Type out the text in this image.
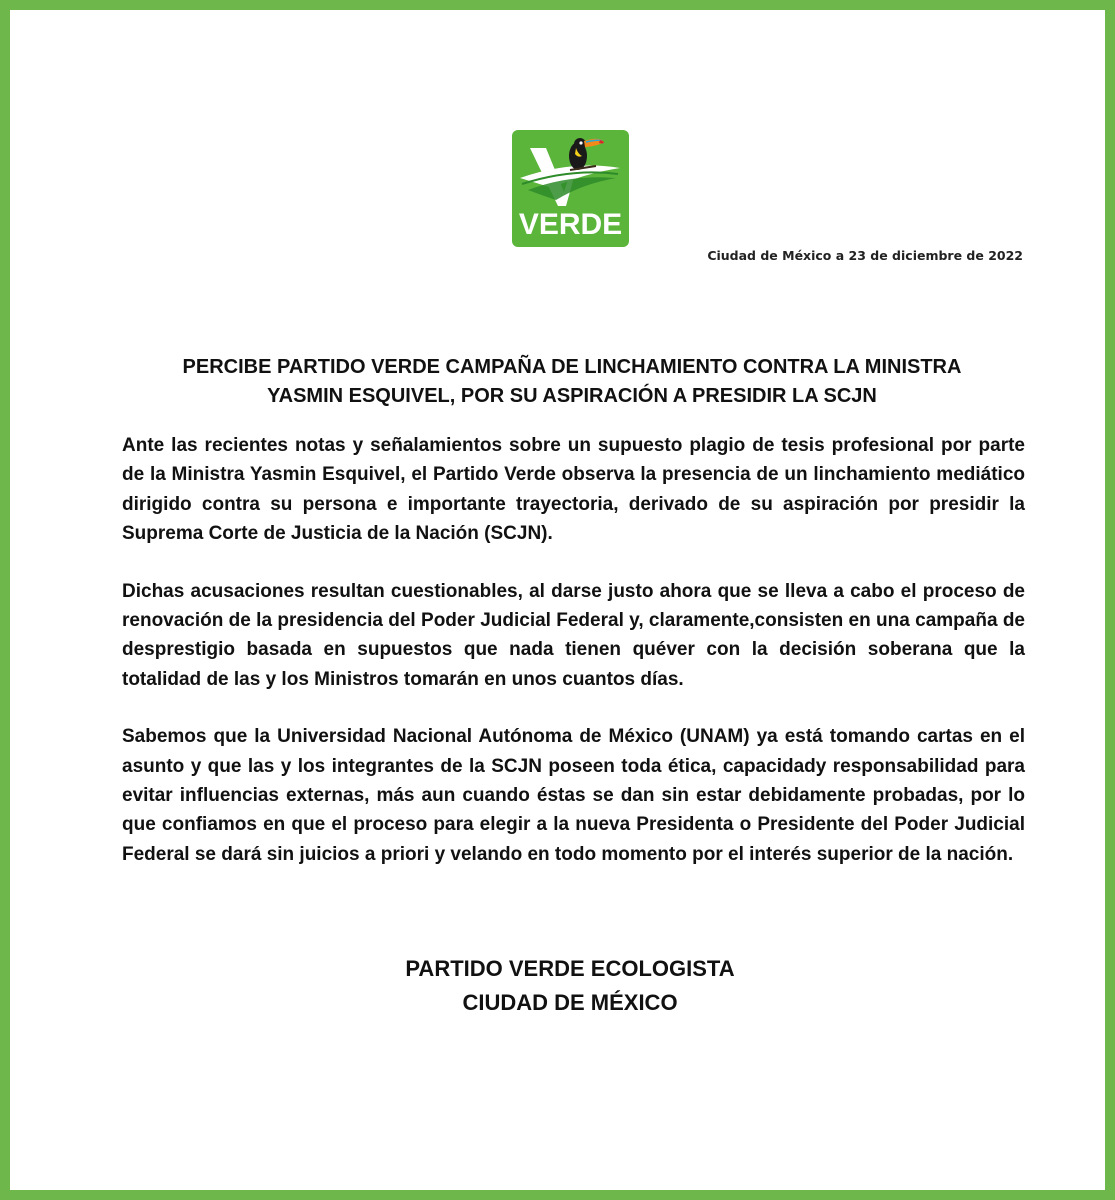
VERDE
Ciudad de México a 23 de diciembre de 2022
PERCIBE PARTIDO VERDE CAMPAÑA DE LINCHAMIENTO CONTRA LA MINISTRA
YASMIN ESQUIVEL, POR SU ASPIRACIÓN A PRESIDIR LA SCJN

Ante las recientes notas y señalamientos sobre un supuesto plagio de tesis profesional por parte de la Ministra Yasmin Esquivel, el Partido Verde observa la presencia de un linchamiento mediático dirigido contra su persona e importante trayectoria, derivado de su aspiración por presidir la Suprema Corte de Justicia de la Nación (SCJN).

Dichas acusaciones resultan cuestionables, al darse justo ahora que se lleva a cabo el proceso de renovación de la presidencia del Poder Judicial Federal y, claramente,consisten en una campaña de desprestigio basada en supuestos que nada tienen quéver con la decisión soberana que la totalidad de las y los Ministros tomarán en unos cuantos días.

Sabemos que la Universidad Nacional Autónoma de México (UNAM) ya está tomando cartas en el asunto y que las y los integrantes de la SCJN poseen toda ética, capacidady responsabilidad para evitar influencias externas, más aun cuando éstas se dan sin estar debidamente probadas, por lo que confiamos en que el proceso para elegir a la nueva Presidenta o Presidente del Poder Judicial Federal se dará sin juicios a priori y velando en todo momento por el interés superior de la nación.

PARTIDO VERDE ECOLOGISTA
CIUDAD DE MÉXICO
